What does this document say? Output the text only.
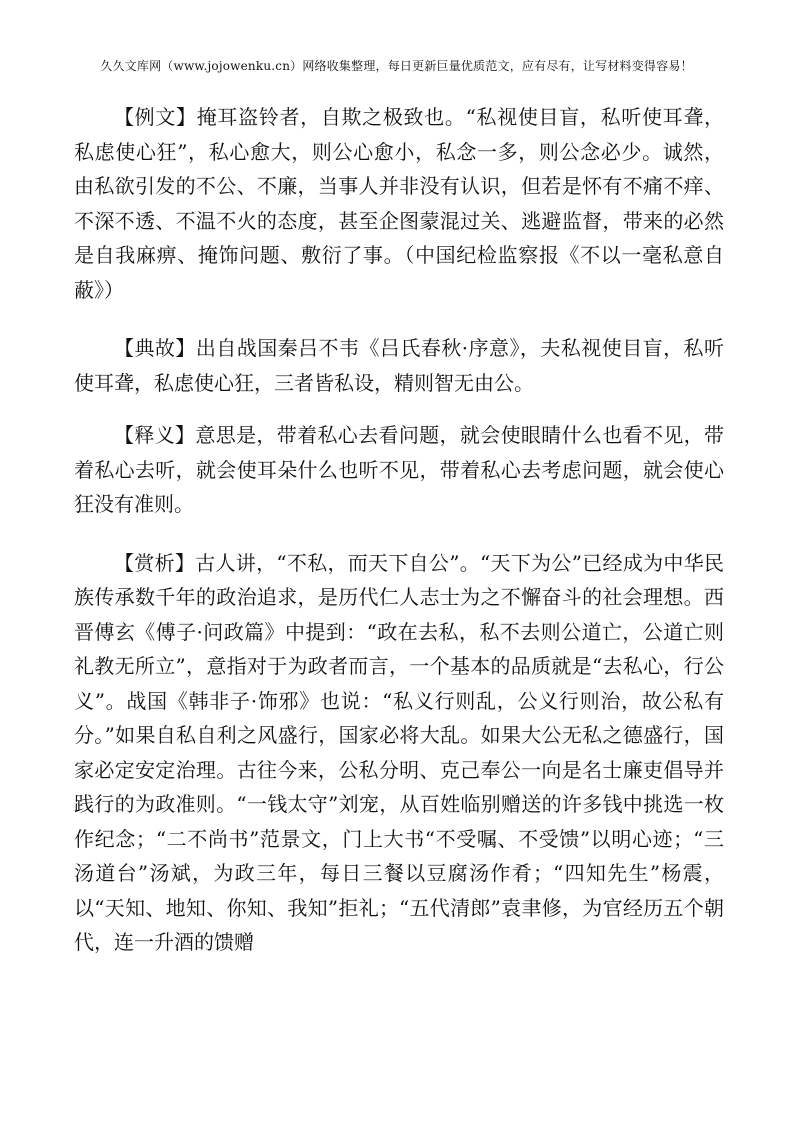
久久文库网（www.jojowenku.cn）网络收集整理，每日更新巨量优质范文，应有尽有，让写材料变得容易！

【例文】掩耳盗铃者，自欺之极致也。“私视使目盲，私听使耳聋，私虑使心狂”，私心愈大，则公心愈小，私念一多，则公念必少。诚然，由私欲引发的不公、不廉，当事人并非没有认识，但若是怀有不痛不痒、不深不透、不温不火的态度，甚至企图蒙混过关、逃避监督，带来的必然是自我麻痹、掩饰问题、敷衍了事。（中国纪检监察报《不以一毫私意自蔽》）

【典故】出自战国秦吕不韦《吕氏春秋·序意》，夫私视使目盲，私听使耳聋，私虑使心狂，三者皆私设，精则智无由公。

【释义】意思是，带着私心去看问题，就会使眼睛什么也看不见，带着私心去听，就会使耳朵什么也听不见，带着私心去考虑问题，就会使心狂没有准则。

【赏析】古人讲，“不私，而天下自公”。“天下为公”已经成为中华民族传承数千年的政治追求，是历代仁人志士为之不懈奋斗的社会理想。西晋傅玄《傅子·问政篇》中提到：“政在去私，私不去则公道亡，公道亡则礼教无所立”，意指对于为政者而言，一个基本的品质就是“去私心，行公义”。战国《韩非子·饰邪》也说：“私义行则乱，公义行则治，故公私有分。”如果自私自利之风盛行，国家必将大乱。如果大公无私之德盛行，国家必定安定治理。古往今来，公私分明、克己奉公一向是名士廉吏倡导并践行的为政准则。“一钱太守”刘宠，从百姓临别赠送的许多钱中挑选一枚作纪念；“二不尚书”范景文，门上大书“不受嘱、不受馈”以明心迹；“三汤道台”汤斌，为政三年，每日三餐以豆腐汤作肴；“四知先生”杨震，以“天知、地知、你知、我知”拒礼；“五代清郎”袁聿修，为官经历五个朝代，连一升酒的馈赠
